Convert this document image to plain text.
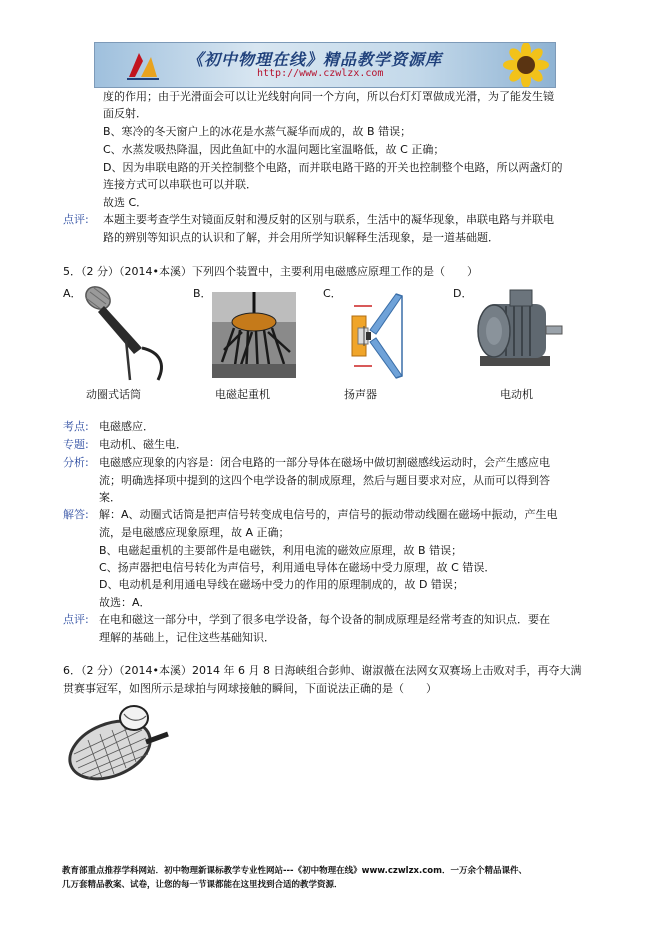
《初中物理在线》精品教学资源库
http://www.czwlzx.com
度的作用；由于光滑面会可以让光线射向同一个方向，所以台灯灯罩做成光滑，为了能发生镜
面反射．
B、寒冷的冬天窗户上的冰花是水蒸气凝华而成的，故 B 错误；
C、水蒸发吸热降温，因此鱼缸中的水温问题比室温略低，故 C 正确；
D、因为串联电路的开关控制整个电路，而并联电路干路的开关也控制整个电路，所以两盏灯的
连接方式可以串联也可以并联．
故选 C．
点评: 本题主要考查学生对镜面反射和漫反射的区别与联系，生活中的凝华现象，串联电路与并联电
路的辨别等知识点的认识和了解，并会用所学知识解释生活现象，是一道基础题．
5．（2 分）（2014•本溪）下列四个装置中，主要利用电磁感应原理工作的是（　　）
A．	B．	C．	D．
动圈式话筒	电磁起重机	扬声器	电动机
考点: 电磁感应．
专题: 电动机、磁生电．
分析: 电磁感应现象的内容是：闭合电路的一部分导体在磁场中做切割磁感线运动时，会产生感应电
流；明确选择项中提到的这四个电学设备的制成原理，然后与题目要求对应，从而可以得到答
案．
解答: 解：A、动圈式话筒是把声信号转变成电信号的，声信号的振动带动线圈在磁场中振动，产生电
流，是电磁感应现象原理，故 A 正确；
B、电磁起重机的主要部件是电磁铁，利用电流的磁效应原理，故 B 错误；
C、扬声器把电信号转化为声信号，利用通电导体在磁场中受力原理，故 C 错误．
D、电动机是利用通电导线在磁场中受力的作用的原理制成的，故 D 错误；
故选：A．
点评: 在电和磁这一部分中，学到了很多电学设备，每个设备的制成原理是经常考查的知识点．要在
理解的基础上，记住这些基础知识．
6．（2 分）（2014•本溪）2014 年 6 月 8 日海峡组合彭帅、谢淑薇在法网女双赛场上击败对手，再夺大满
贯赛事冠军，如图所示是球拍与网球接触的瞬间，下面说法正确的是（　　）
教育部重点推荐学科网站．初中物理新课标教学专业性网站---《初中物理在线》www.czwlzx.com．一万余个精品课件、
几万套精品教案、试卷，让您的每一节课都能在这里找到合适的教学资源．
